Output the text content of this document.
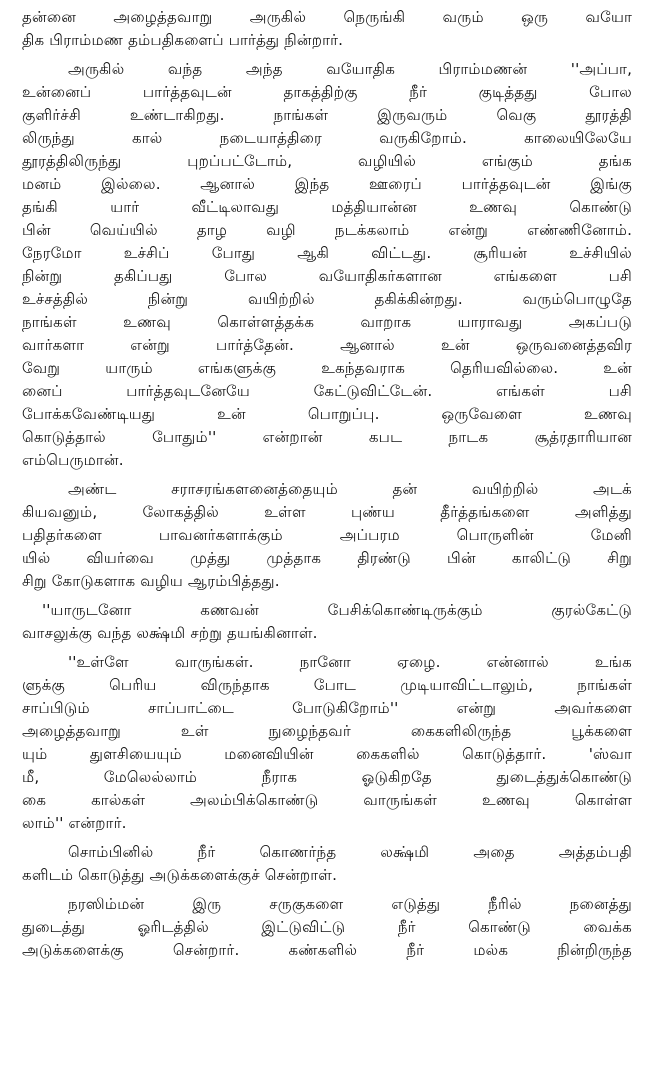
தன்னை அழைத்தவாறு அருகில் நெருங்கி வரும் ஒரு வயோ
திக பிராம்மண தம்பதிகளைப் பார்த்து நின்றார்.
அருகில் வந்த அந்த வயோதிக பிராம்மணன் ''அப்பா,
உன்னைப் பார்த்தவுடன் தாகத்திற்கு நீர் குடித்தது போல
குளிர்ச்சி உண்டாகிறது. நாங்கள் இருவரும் வெகு தூரத்தி
லிருந்து கால் நடையாத்திரை வருகிறோம். காலையிலேயே
தூரத்திலிருந்து புறப்பட்டோம், வழியில் எங்கும் தங்க
மனம் இல்லை. ஆனால் இந்த ஊரைப் பார்த்தவுடன் இங்கு
தங்கி யார் வீட்டிலாவது மத்தியான்ன உணவு கொண்டு
பின் வெய்யில் தாழ வழி நடக்கலாம் என்று எண்ணினோம்.
நேரமோ உச்சிப் போது ஆகி விட்டது. சூரியன் உச்சியில்
நின்று தகிப்பது போல வயோதிகர்களான எங்களை பசி
உச்சத்தில் நின்று வயிற்றில் தகிக்கின்றது. வரும்பொழுதே
நாங்கள் உணவு கொள்ளத்தக்க வாறாக யாராவது அகப்படு
வார்களா என்று பார்த்தேன். ஆனால் உன் ஒருவனைத்தவிர
வேறு யாரும் எங்களுக்கு உகந்தவராக தெரியவில்லை. உன்
னைப் பார்த்தவுடனேயே கேட்டுவிட்டேன். எங்கள் பசி
போக்கவேண்டியது உன் பொறுப்பு. ஒருவேளை உணவு
கொடுத்தால் போதும்'' என்றான் கபட நாடக சூத்ரதாரியான
எம்பெருமான்.
அண்ட சராசரங்களனைத்தையும் தன் வயிற்றில் அடக்
கியவனும், லோகத்தில் உள்ள புண்ய தீர்த்தங்களை அளித்து
பதிதர்களை பாவனர்களாக்கும் அப்பரம பொருளின் மேனி
யில் வியர்வை முத்து முத்தாக திரண்டு பின் காலிட்டு சிறு
சிறு கோடுகளாக வழிய ஆரம்பித்தது.
''யாருடனோ கணவன் பேசிக்கொண்டிருக்கும் குரல்கேட்டு
வாசலுக்கு வந்த லக்ஷ்மி சற்று தயங்கினாள்.
''உள்ளே வாருங்கள். நானோ ஏழை. என்னால் உங்க
ளுக்கு பெரிய விருந்தாக போட முடியாவிட்டாலும், நாங்கள்
சாப்பிடும் சாப்பாட்டை போடுகிறோம்'' என்று அவர்களை
அழைத்தவாறு உள் நுழைந்தவர் கைகளிலிருந்த பூக்களை
யும் துளசியையும் மனைவியின் கைகளில் கொடுத்தார். 'ஸ்வா
மீ, மேலெல்லாம் நீராக ஓடுகிறதே துடைத்துக்கொண்டு
கை கால்கள் அலம்பிக்கொண்டு வாருங்கள் உணவு கொள்ள
லாம்'' என்றார்.
சொம்பினில் நீர் கொணர்ந்த லக்ஷ்மி அதை அத்தம்பதி
களிடம் கொடுத்து அடுக்களைக்குச் சென்றாள்.
நரஸிம்மன் இரு சருகுகளை எடுத்து நீரில் நனைத்து
துடைத்து ஓரிடத்தில் இட்டுவிட்டு நீர் கொண்டு வைக்க
அடுக்களைக்கு சென்றார். கண்களில் நீர் மல்க நின்றிருந்த
